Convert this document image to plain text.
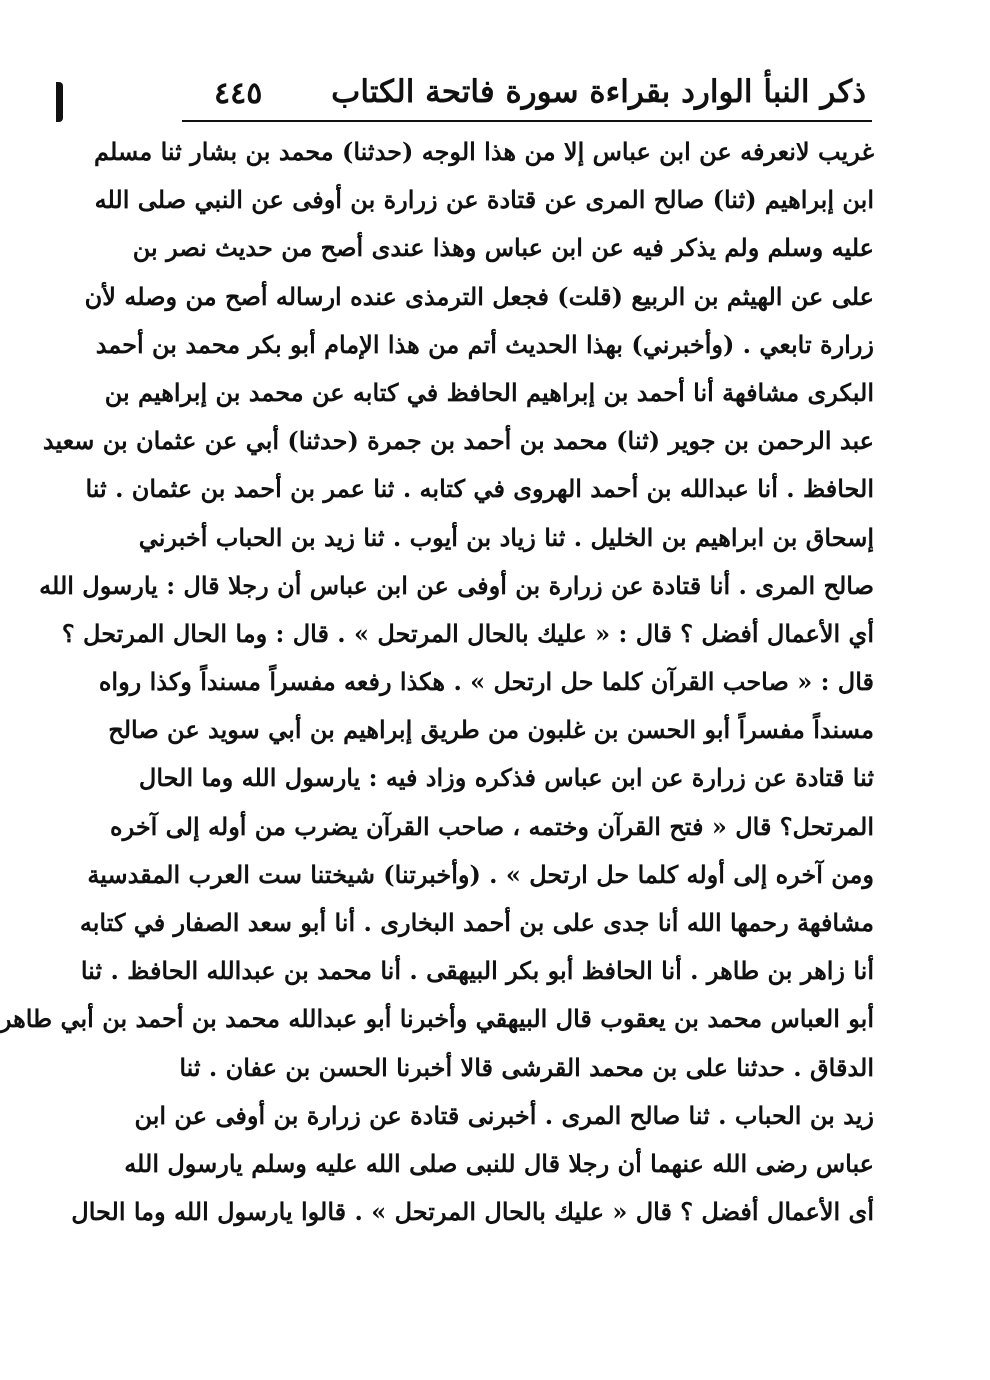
ذكر النبأ الوارد بقراءة سورة فاتحة الكتاب
٤٤٥
غريب لانعرفه عن ابن عباس إلا من هذا الوجه (حدثنا) محمد بن بشار ثنا مسلم
ابن إبراهيم (ثنا) صالح المرى عن قتادة عن زرارة بن أوفى عن النبي صلى الله
عليه وسلم ولم يذكر فيه عن ابن عباس وهذا عندى أصح من حديث نصر بن
على عن الهيثم بن الربيع (قلت) فجعل الترمذى عنده ارساله أصح من وصله لأن
زرارة تابعي . (وأخبرني) بهذا الحديث أتم من هذا الإمام أبو بكر محمد بن أحمد
البكرى مشافهة أنا أحمد بن إبراهيم الحافظ في كتابه عن محمد بن إبراهيم بن
عبد الرحمن بن جوير (ثنا) محمد بن أحمد بن جمرة (حدثنا) أبي عن عثمان بن سعيد
الحافظ . أنا عبدالله بن أحمد الهروى في كتابه . ثنا عمر بن أحمد بن عثمان . ثنا
إسحاق بن ابراهيم بن الخليل . ثنا زياد بن أيوب . ثنا زيد بن الحباب أخبرني
صالح المرى . أنا قتادة عن زرارة بن أوفى عن ابن عباس أن رجلا قال : يارسول الله
أي الأعمال أفضل ؟ قال : « عليك بالحال المرتحل » . قال : وما الحال المرتحل ؟
قال : « صاحب القرآن كلما حل ارتحل » . هكذا رفعه مفسراً مسنداً وكذا رواه
مسنداً مفسراً أبو الحسن بن غلبون من طريق إبراهيم بن أبي سويد عن صالح
ثنا قتادة عن زرارة عن ابن عباس فذكره وزاد فيه : يارسول الله وما الحال
المرتحل؟ قال « فتح القرآن وختمه ، صاحب القرآن يضرب من أوله إلى آخره
ومن آخره إلى أوله كلما حل ارتحل » . (وأخبرتنا) شيختنا ست العرب المقدسية
مشافهة رحمها الله أنا جدى على بن أحمد البخارى . أنا أبو سعد الصفار في كتابه
أنا زاهر بن طاهر . أنا الحافظ أبو بكر البيهقى . أنا محمد بن عبدالله الحافظ . ثنا
أبو العباس محمد بن يعقوب قال البيهقي وأخبرنا أبو عبدالله محمد بن أحمد بن أبي طاهر
الدقاق . حدثنا على بن محمد القرشى قالا أخبرنا الحسن بن عفان . ثنا
زيد بن الحباب . ثنا صالح المرى . أخبرنى قتادة عن زرارة بن أوفى عن ابن
عباس رضى الله عنهما أن رجلا قال للنبى صلى الله عليه وسلم يارسول الله
أى الأعمال أفضل ؟ قال « عليك بالحال المرتحل » . قالوا يارسول الله وما الحال
